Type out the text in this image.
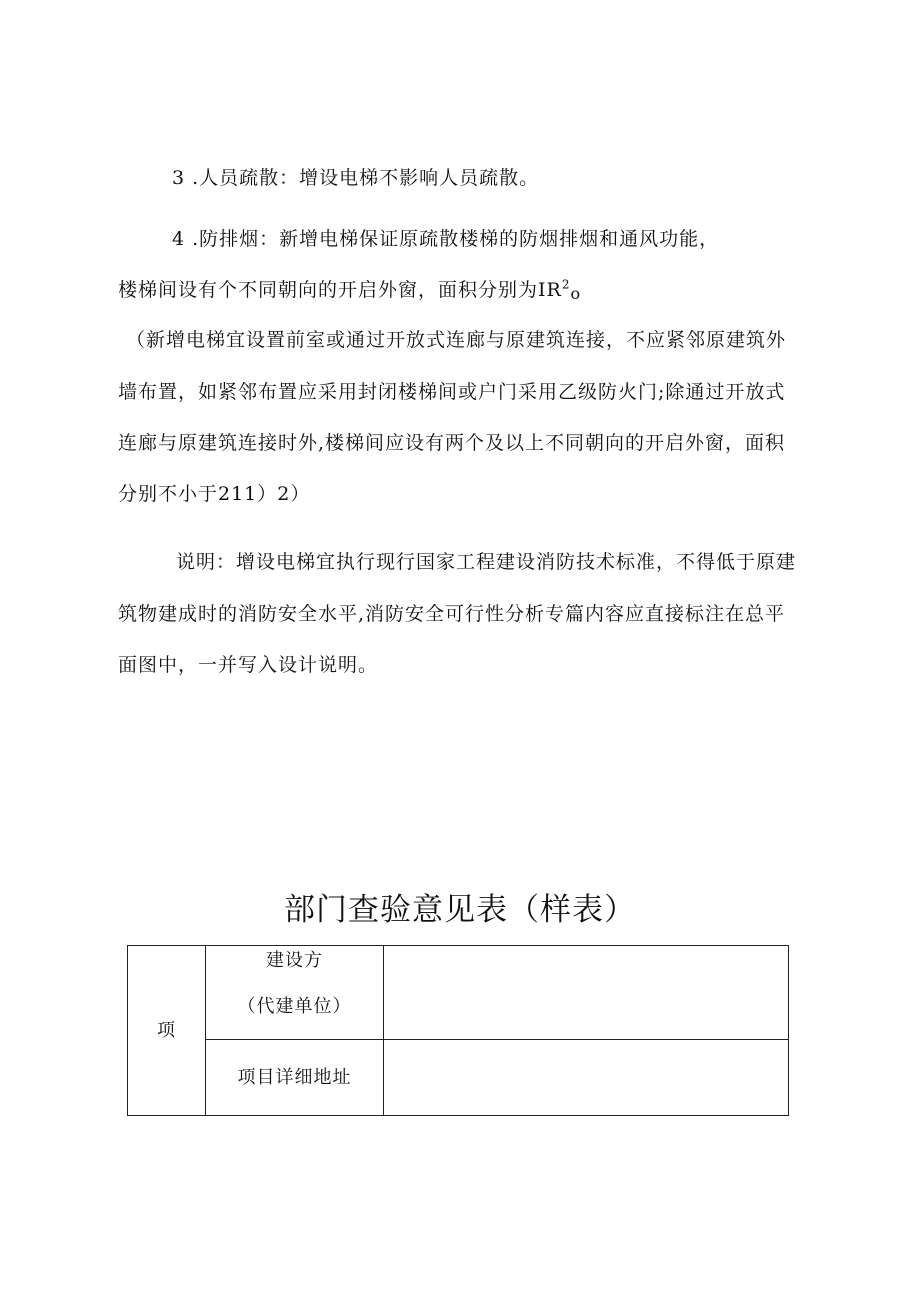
3 .人员疏散：增设电梯不影响人员疏散。
4 .防排烟：新增电梯保证原疏散楼梯的防烟排烟和通风功能，
楼梯间设有个不同朝向的开启外窗，面积分别为$IR^2o$
（新增电梯宜设置前室或通过开放式连廊与原建筑连接，不应紧邻原建筑外
墙布置，如紧邻布置应采用封闭楼梯间或户门采用乙级防火门;除通过开放式
连廊与原建筑连接时外,楼梯间应设有两个及以上不同朝向的开启外窗，面积
分别不小于211）2）
说明：增设电梯宜执行现行国家工程建设消防技术标准，不得低于原建
筑物建成时的消防安全水平,消防安全可行性分析专篇内容应直接标注在总平
面图中，一并写入设计说明。
部门查验意见表（样表）
项	建设方
（代建单位）	

	项目详细地址	
